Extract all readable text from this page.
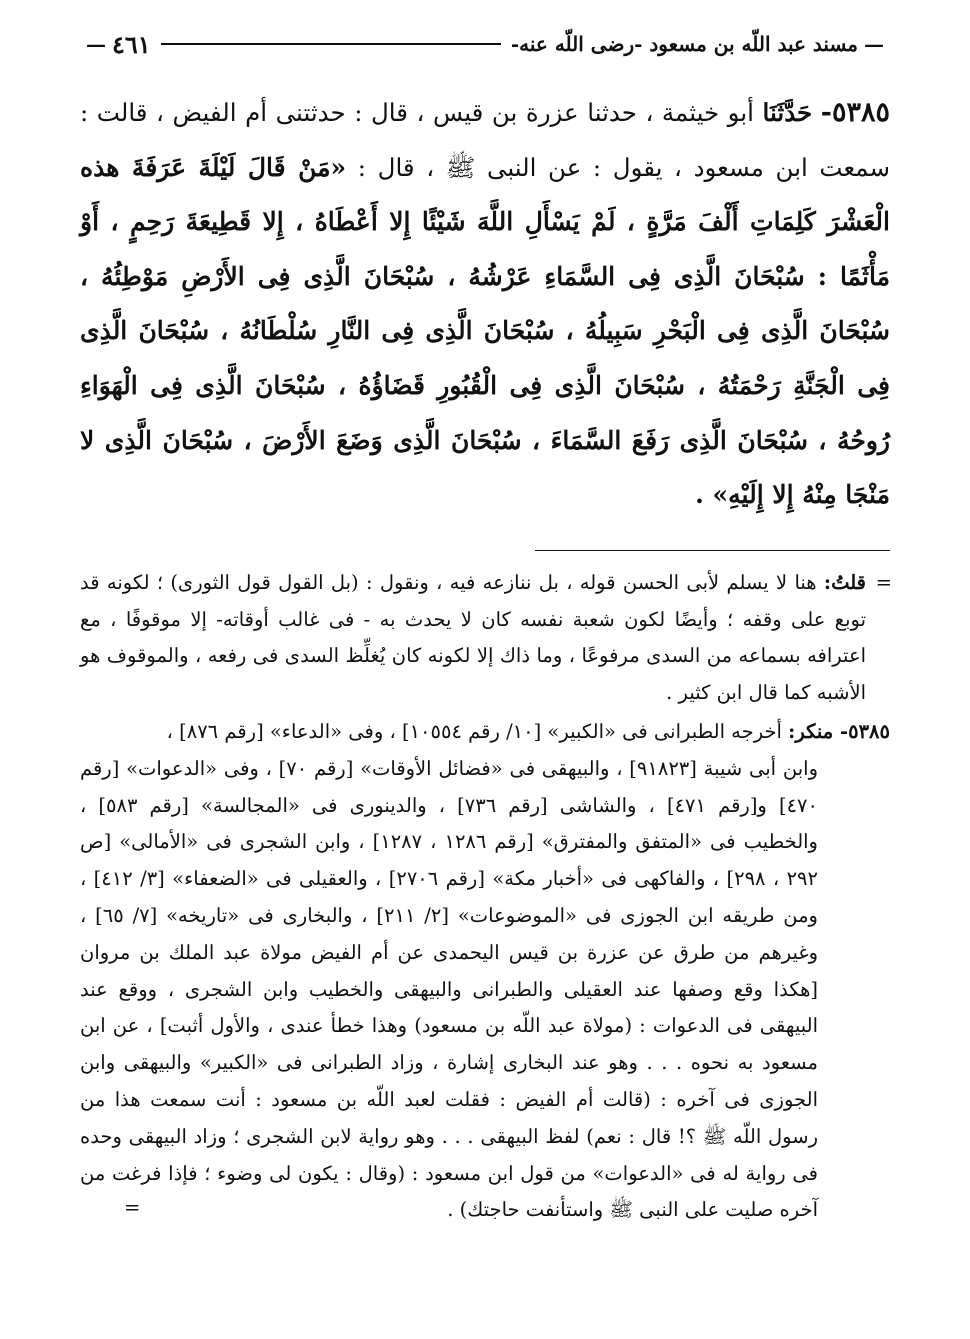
—
مسند عبد اللّه بن مسعود -رضى اللّه عنه-
٤٦١
—
٥٣٨٥- حَدَّثَنَا أبو خيثمة ، حدثنا عزرة بن قيس ، قال : حدثتنى أم الفيض ، قالت : سمعت ابن مسعود ، يقول : عن النبى ﷺ ، قال : «مَنْ قَالَ لَيْلَةَ عَرَفَةَ هذه الْعَشْرَ كَلِمَاتِ أَلْفَ مَرَّةٍ ، لَمْ يَسْأَلِ اللَّهَ شَيْئًا إِلا أَعْطَاهُ ، إِلا قَطِيعَةَ رَحِمٍ ، أَوْ مَأْثَمًا : سُبْحَانَ الَّذِى فِى السَّمَاءِ عَرْشُهُ ، سُبْحَانَ الَّذِى فِى الأَرْضِ مَوْطِئُهُ ، سُبْحَانَ الَّذِى فِى الْبَحْرِ سَبِيلُهُ ، سُبْحَانَ الَّذِى فِى النَّارِ سُلْطَانُهُ ، سُبْحَانَ الَّذِى فِى الْجَنَّةِ رَحْمَتُهُ ، سُبْحَانَ الَّذِى فِى الْقُبُورِ قَضَاؤُهُ ، سُبْحَانَ الَّذِى فِى الْهَوَاءِ رُوحُهُ ، سُبْحَانَ الَّذِى رَفَعَ السَّمَاءَ ، سُبْحَانَ الَّذِى وَضَعَ الأَرْضَ ، سُبْحَانَ الَّذِى لا مَنْجَا مِنْهُ إِلا إِلَيْهِ» .
=
قلتُ: هنا لا يسلم لأبى الحسن قوله ، بل ننازعه فيه ، ونقول : (بل القول قول الثورى) ؛ لكونه قد توبع على وقفه ؛ وأيضًا لكون شعبة نفسه كان لا يحدث به - فى غالب أوقاته- إلا موقوفًا ، مع اعترافه بسماعه من السدى مرفوعًا ، وما ذاك إلا لكونه كان يُغلِّظ السدى فى رفعه ، والموقوف هو الأشبه كما قال ابن كثير .
٥٣٨٥- منكر: أخرجه الطبرانى فى «الكبير» [١٠/ رقم ١٠٥٥٤] ، وفى «الدعاء» [رقم ٨٧٦] ،
وابن أبى شيبة [٩١٨٢٣] ، والبيهقى فى «فضائل الأوقات» [رقم ٧٠] ، وفى «الدعوات» [رقم ٤٧٠] و[رقم ٤٧١] ، والشاشى [رقم ٧٣٦] ، والدينورى فى «المجالسة» [رقم ٥٨٣] ، والخطيب فى «المتفق والمفترق» [رقم ١٢٨٦ ، ١٢٨٧] ، وابن الشجرى فى «الأمالى» [ص ٢٩٢ ، ٢٩٨] ، والفاكهى فى «أخبار مكة» [رقم ٢٧٠٦] ، والعقيلى فى «الضعفاء» [٣/ ٤١٢] ، ومن طريقه ابن الجوزى فى «الموضوعات» [٢/ ٢١١] ، والبخارى فى «تاريخه» [٧/ ٦٥] ، وغيرهم من طرق عن عزرة بن قيس اليحمدى عن أم الفيض مولاة عبد الملك بن مروان [هكذا وقع وصفها عند العقيلى والطبرانى والبيهقى والخطيب وابن الشجرى ، ووقع عند البيهقى فى الدعوات : (مولاة عبد اللّه بن مسعود) وهذا خطأ عندى ، والأول أثبت] ، عن ابن مسعود به نحوه . . . وهو عند البخارى إشارة ، وزاد الطبرانى فى «الكبير» والبيهقى وابن الجوزى فى آخره : (قالت أم الفيض : فقلت لعبد اللّه بن مسعود : أنت سمعت هذا من رسول اللّه ﷺ ؟! قال : نعم) لفظ البيهقى . . . وهو رواية لابن الشجرى ؛ وزاد البيهقى وحده فى رواية له فى «الدعوات» من قول ابن مسعود : (وقال : يكون لى وضوء ؛ فإذا فرغت من آخره صليت على النبى ﷺ واستأنفت حاجتك) .
=
